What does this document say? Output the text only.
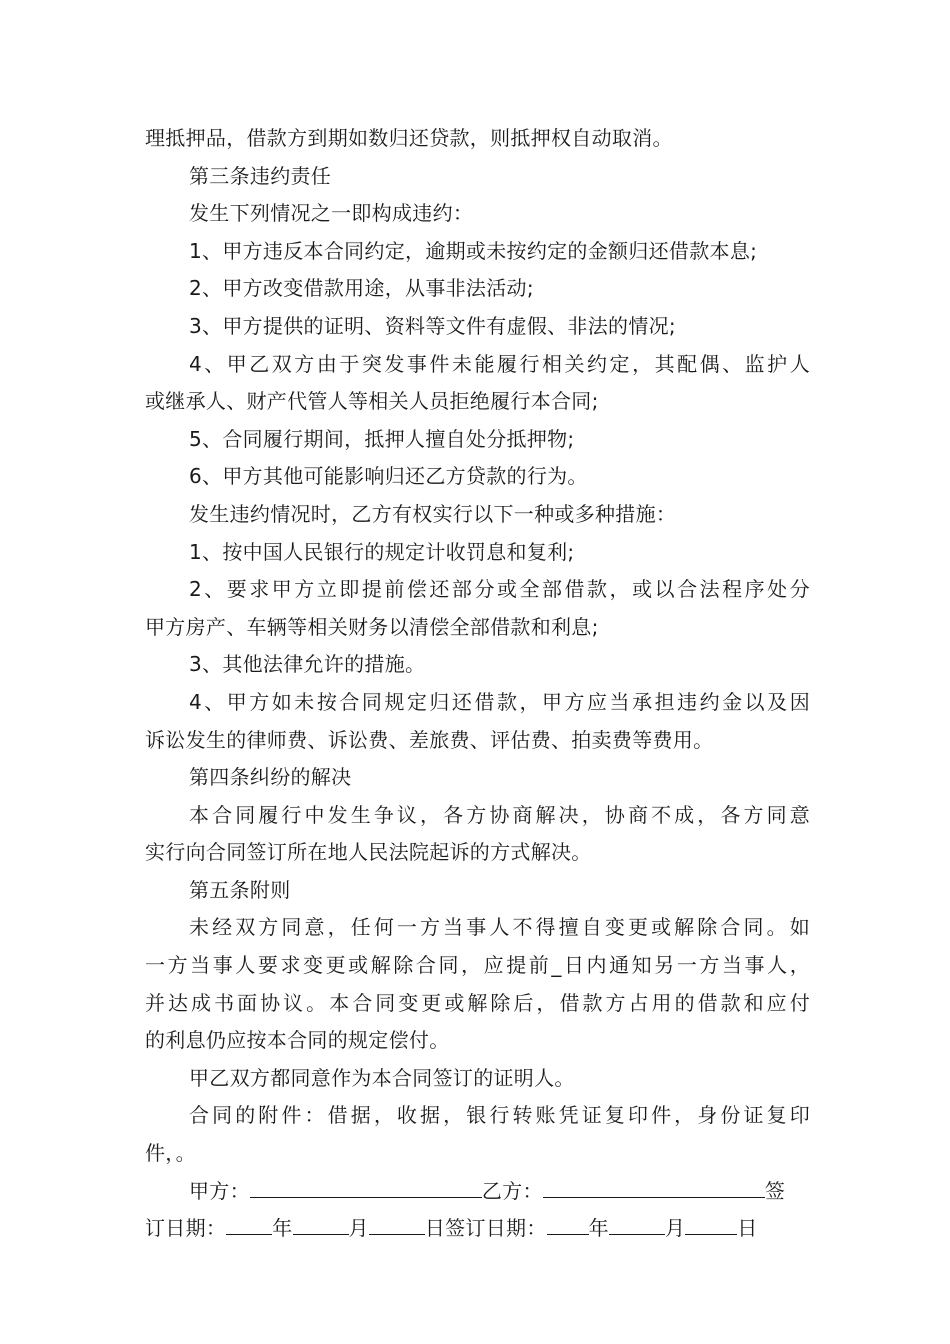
理抵押品，借款方到期如数归还贷款，则抵押权自动取消。
第三条违约责任
发生下列情况之一即构成违约：
1、甲方违反本合同约定，逾期或未按约定的金额归还借款本息;
2、甲方改变借款用途，从事非法活动;
3、甲方提供的证明、资料等文件有虚假、非法的情况;
4、甲乙双方由于突发事件未能履行相关约定，其配偶、监护人
或继承人、财产代管人等相关人员拒绝履行本合同;
5、合同履行期间，抵押人擅自处分抵押物;
6、甲方其他可能影响归还乙方贷款的行为。
发生违约情况时，乙方有权实行以下一种或多种措施：
1、按中国人民银行的规定计收罚息和复利;
2、要求甲方立即提前偿还部分或全部借款，或以合法程序处分
甲方房产、车辆等相关财务以清偿全部借款和利息;
3、其他法律允许的措施。
4、甲方如未按合同规定归还借款，甲方应当承担违约金以及因
诉讼发生的律师费、诉讼费、差旅费、评估费、拍卖费等费用。
第四条纠纷的解决
本合同履行中发生争议，各方协商解决，协商不成，各方同意
实行向合同签订所在地人民法院起诉的方式解决。
第五条附则
未经双方同意，任何一方当事人不得擅自变更或解除合同。如
一方当事人要求变更或解除合同，应提前_日内通知另一方当事人，
并达成书面协议。本合同变更或解除后，借款方占用的借款和应付
的利息仍应按本合同的规定偿付。
甲乙双方都同意作为本合同签订的证明人。
合同的附件：借据，收据，银行转账凭证复印件，身份证复印
件，。
甲方：	乙方：	签
订日期： 年	月	日签订日期： 年	月	日
